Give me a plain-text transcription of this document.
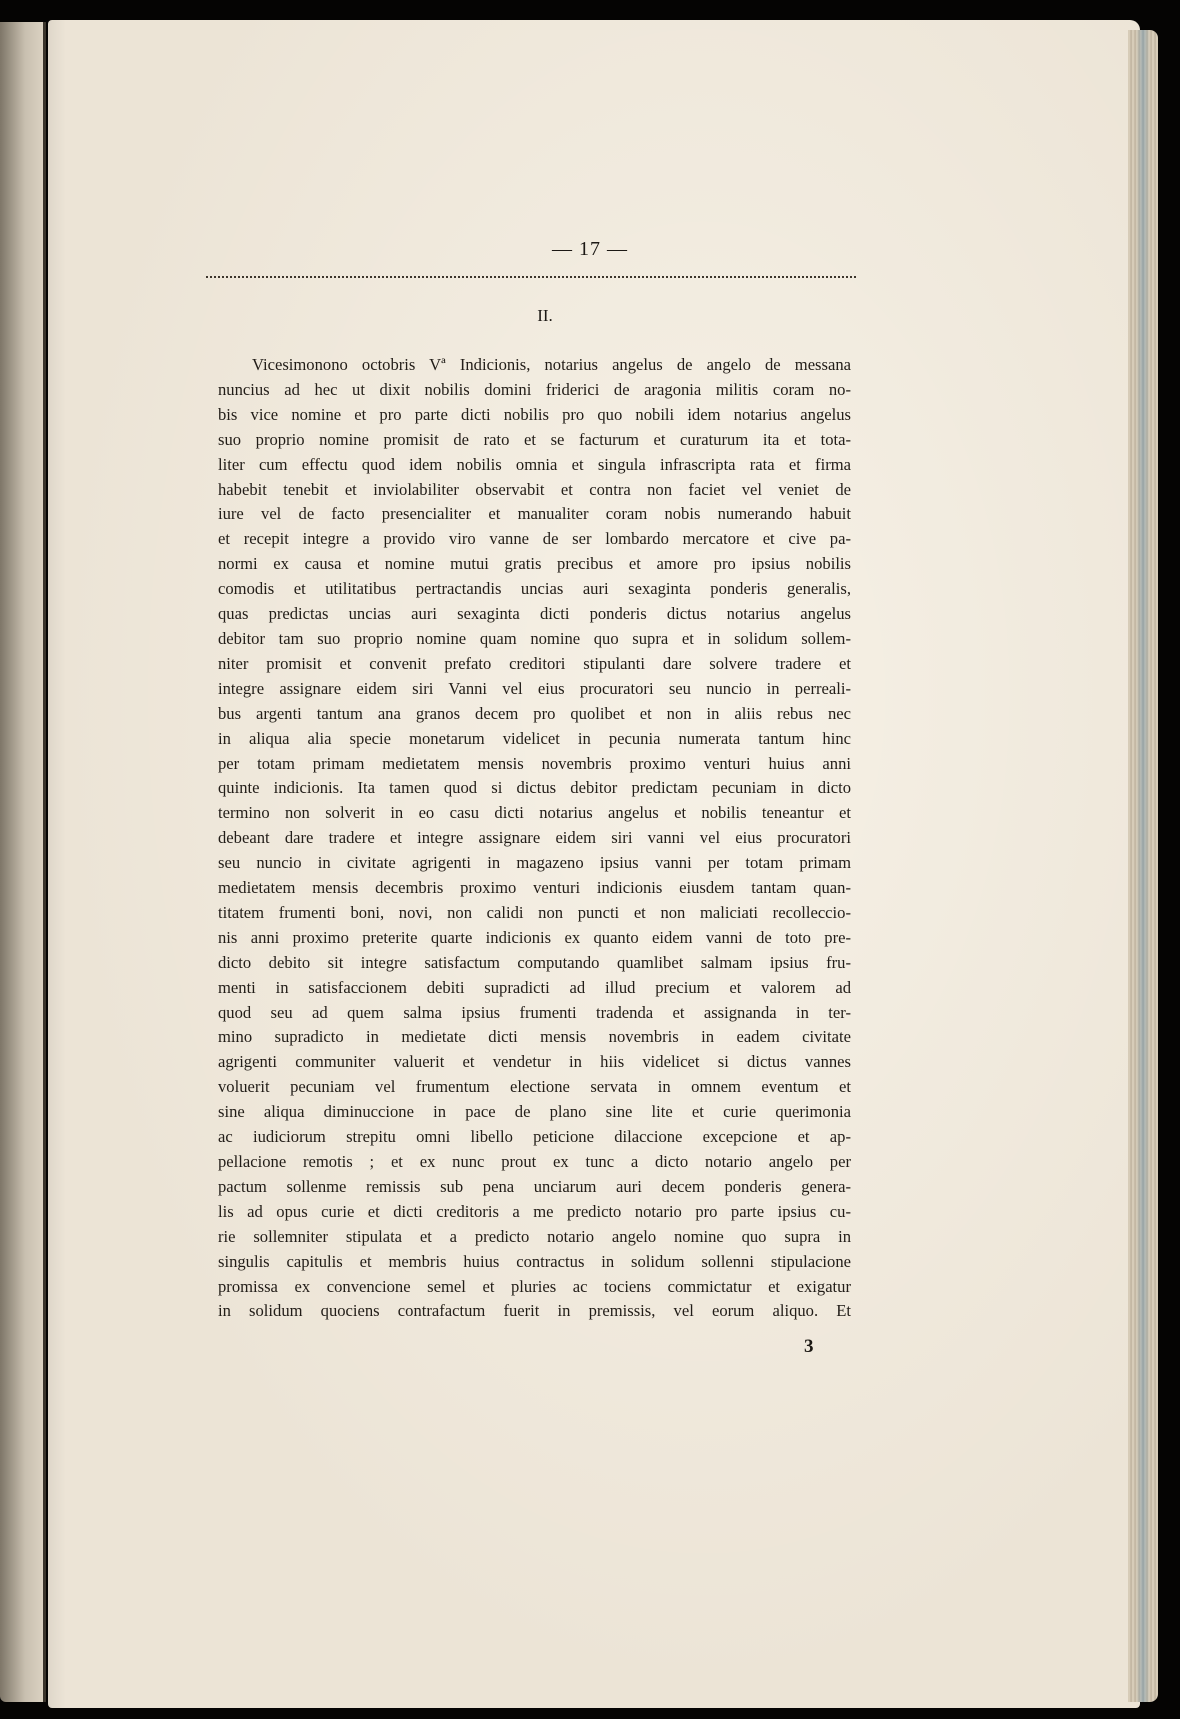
— 17 —
II.
Vicesimonono octobris Vª Indicionis, notarius angelus de angelo de messana
nuncius ad hec ut dixit nobilis domini friderici de aragonia militis coram no-
bis vice nomine et pro parte dicti nobilis pro quo nobili idem notarius angelus
suo proprio nomine promisit de rato et se facturum et curaturum ita et tota-
liter cum effectu quod idem nobilis omnia et singula infrascripta rata et firma
habebit tenebit et inviolabiliter observabit et contra non faciet vel veniet de
iure vel de facto presencialiter et manualiter coram nobis numerando habuit
et recepit integre a provido viro vanne de ser lombardo mercatore et cive pa-
normi ex causa et nomine mutui gratis precibus et amore pro ipsius nobilis
comodis et utilitatibus pertractandis uncias auri sexaginta ponderis generalis,
quas predictas uncias auri sexaginta dicti ponderis dictus notarius angelus
debitor tam suo proprio nomine quam nomine quo supra et in solidum sollem-
niter promisit et convenit prefato creditori stipulanti dare solvere tradere et
integre assignare eidem siri Vanni vel eius procuratori seu nuncio in perreali-
bus argenti tantum ana granos decem pro quolibet et non in aliis rebus nec
in aliqua alia specie monetarum videlicet in pecunia numerata tantum hinc
per totam primam medietatem mensis novembris proximo venturi huius anni
quinte indicionis. Ita tamen quod si dictus debitor predictam pecuniam in dicto
termino non solverit in eo casu dicti notarius angelus et nobilis teneantur et
debeant dare tradere et integre assignare eidem siri vanni vel eius procuratori
seu nuncio in civitate agrigenti in magazeno ipsius vanni per totam primam
medietatem mensis decembris proximo venturi indicionis eiusdem tantam quan-
titatem frumenti boni, novi, non calidi non puncti et non maliciati recolleccio-
nis anni proximo preterite quarte indicionis ex quanto eidem vanni de toto pre-
dicto debito sit integre satisfactum computando quamlibet salmam ipsius fru-
menti in satisfaccionem debiti supradicti ad illud precium et valorem ad
quod seu ad quem salma ipsius frumenti tradenda et assignanda in ter-
mino supradicto in medietate dicti mensis novembris in eadem civitate
agrigenti communiter valuerit et vendetur in hiis videlicet si dictus vannes
voluerit pecuniam vel frumentum electione servata in omnem eventum et
sine aliqua diminuccione in pace de plano sine lite et curie querimonia
ac iudiciorum strepitu omni libello peticione dilaccione excepcione et ap-
pellacione remotis ; et ex nunc prout ex tunc a dicto notario angelo per
pactum sollenme remissis sub pena unciarum auri decem ponderis genera-
lis ad opus curie et dicti creditoris a me predicto notario pro parte ipsius cu-
rie sollemniter stipulata et a predicto notario angelo nomine quo supra in
singulis capitulis et membris huius contractus in solidum sollenni stipulacione
promissa ex convencione semel et pluries ac tociens commictatur et exigatur
in solidum quociens contrafactum fuerit in premissis, vel eorum aliquo. Et
3
